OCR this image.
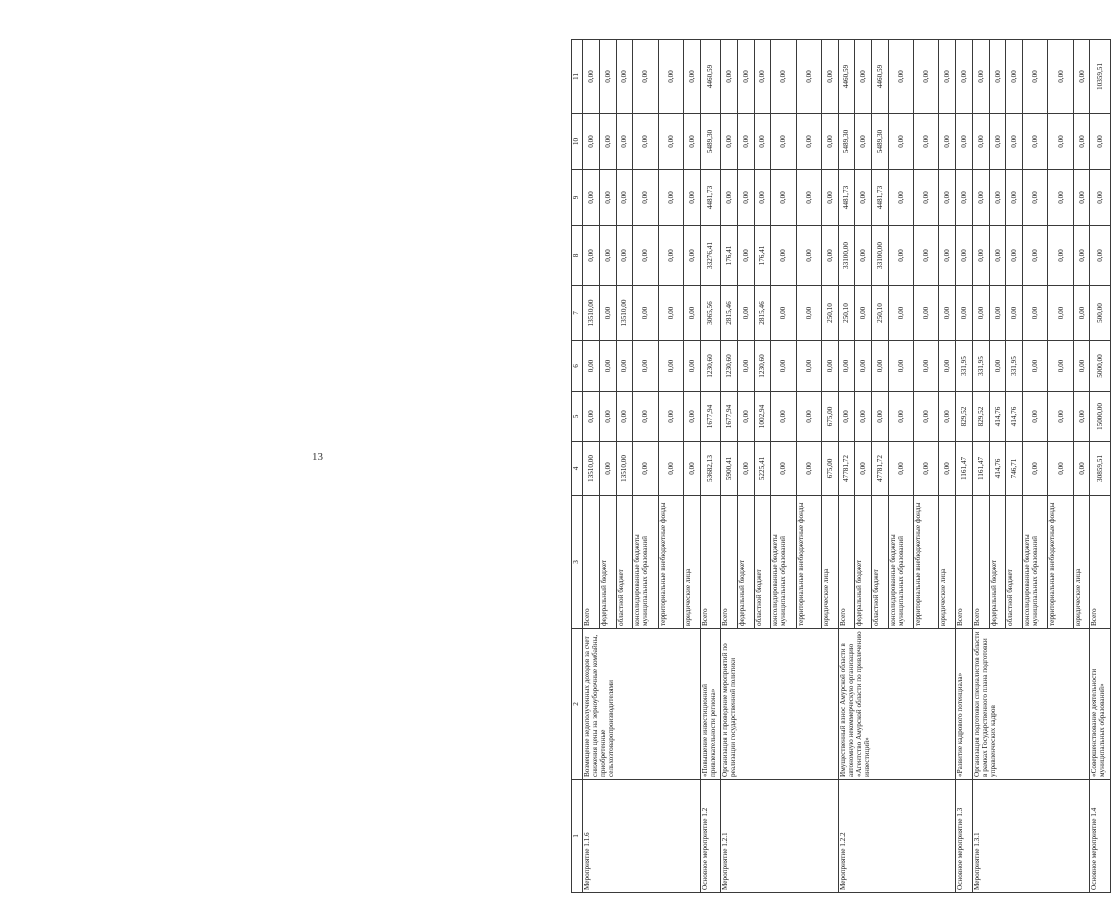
13
1	2	3	4	5	6	7	8	9	10	11
Мероприятие 1.1.6	Возмещение недополученных доходов за счет снижения цены на зерноуборочные комбайны, приобретенные сельхозтоваропроизводителями	Всего	13510,00	0,00	0,00	13510,00	0,00	0,00	0,00	0,00
		федеральный бюджет	0,00	0,00	0,00	0,00	0,00	0,00	0,00	0,00
		областной бюджет	13510,00	0,00	0,00	13510,00	0,00	0,00	0,00	0,00
		консолидированные бюджеты муниципальных образований	0,00	0,00	0,00	0,00	0,00	0,00	0,00	0,00
		территориальные внебюджетные фонды	0,00	0,00	0,00	0,00	0,00	0,00	0,00	0,00
		юридические лица	0,00	0,00	0,00	0,00	0,00	0,00	0,00	0,00
Основное мероприятие 1.2	«Повышение инвестиционной привлекательности региона»	Всего	53682,13	1677,94	1230,60	3065,56	33276,41	4481,73	5489,30	4460,59
Мероприятие 1.2.1	Организация и проведение мероприятий по реализации государственной политики	Всего	5900,41	1677,94	1230,60	2815,46	176,41	0,00	0,00	0,00
		федеральный бюджет	0,00	0,00	0,00	0,00	0,00	0,00	0,00	0,00
		областной бюджет	5225,41	1002,94	1230,60	2815,46	176,41	0,00	0,00	0,00
		консолидированные бюджеты муниципальных образований	0,00	0,00	0,00	0,00	0,00	0,00	0,00	0,00
		территориальные внебюджетные фонды	0,00	0,00	0,00	0,00	0,00	0,00	0,00	0,00
		юридические лица	675,00	675,00	0,00	250,10	0,00	0,00	0,00	0,00
Мероприятие 1.2.2	Имущественный взнос Амурской области в автономную некоммерческую организацию «Агентство Амурской области по привлечению инвестиций»	Всего	47781,72	0,00	0,00	250,10	33100,00	4481,73	5489,30	4460,59
		федеральный бюджет	0,00	0,00	0,00	0,00	0,00	0,00	0,00	0,00
		областной бюджет	47781,72	0,00	0,00	250,10	33100,00	4481,73	5489,30	4460,59
		консолидированные бюджеты муниципальных образований	0,00	0,00	0,00	0,00	0,00	0,00	0,00	0,00
		территориальные внебюджетные фонды	0,00	0,00	0,00	0,00	0,00	0,00	0,00	0,00
		юридические лица	0,00	0,00	0,00	0,00	0,00	0,00	0,00	0,00
Основное мероприятие 1.3	«Развитие кадрового потенциала»	Всего	1161,47	829,52	331,95	0,00	0,00	0,00	0,00	0,00
Мероприятие 1.3.1	Организация подготовки специалистов области в рамках Государственного плана подготовки управленческих кадров	Всего	1161,47	829,52	331,95	0,00	0,00	0,00	0,00	0,00
		федеральный бюджет	414,76	414,76	0,00	0,00	0,00	0,00	0,00	0,00
		областной бюджет	746,71	414,76	331,95	0,00	0,00	0,00	0,00	0,00
		консолидированные бюджеты муниципальных образований	0,00	0,00	0,00	0,00	0,00	0,00	0,00	0,00
		территориальные внебюджетные фонды	0,00	0,00	0,00	0,00	0,00	0,00	0,00	0,00
		юридические лица	0,00	0,00	0,00	0,00	0,00	0,00	0,00	0,00
Основное мероприятие 1.4	«Совершенствование деятельности муниципальных образований»	Всего	30859,51	15000,00	5000,00	500,00	0,00	0,00	0,00	10359,51
